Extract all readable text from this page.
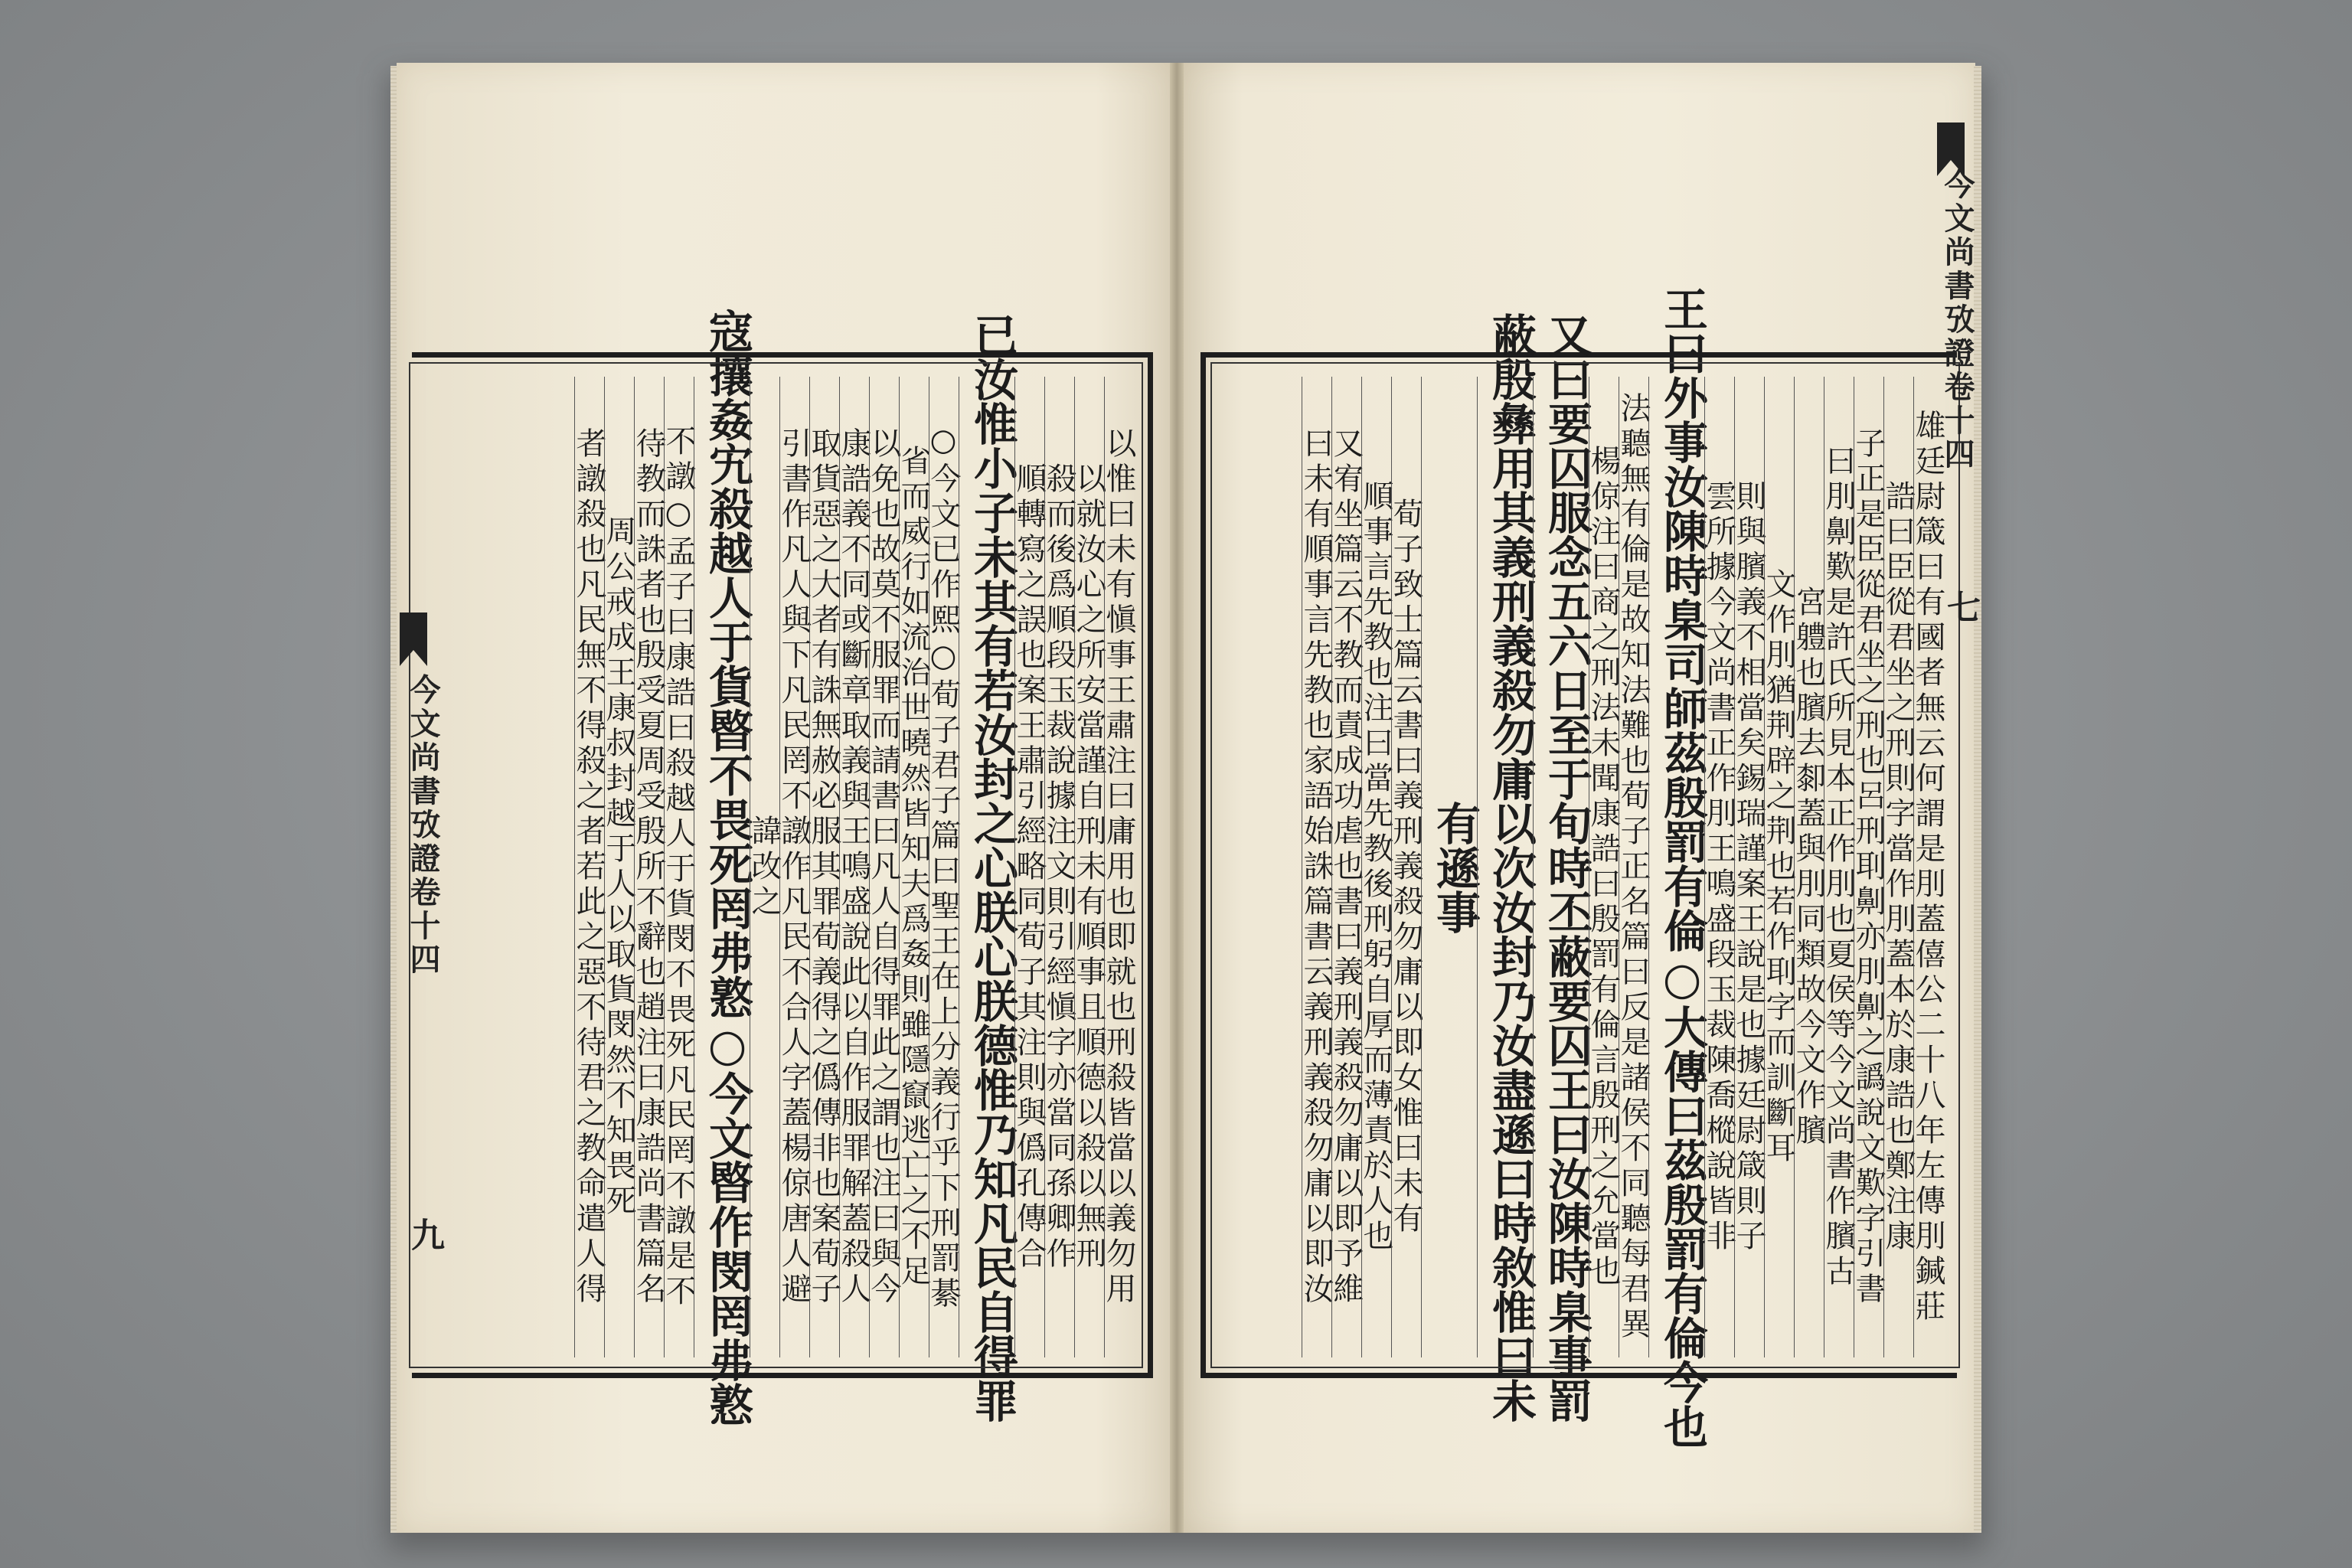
以惟曰未有愼事王肅注曰庸用也即就也刑殺皆當以義勿用
以就汝心之所安當謹自刑未有順事且順德以殺以無刑
殺而後爲順段玉裁說據注文則引經愼字亦當同孫卿作
順轉寫之誤也案王肅引經略同荀子其注則與僞孔傳合
已汝惟小子未其有若汝封之心朕心朕德惟乃知凡民自得罪
○今文已作熙○荀子君子篇曰聖王在上分義行乎下刑罰綦
省而威行如流治世曉然皆知夫爲姦則雖隱竄逃亡之不足
以免也故莫不服罪而請書曰凡人自得罪此之謂也注曰與今
康誥義不同或斷章取義與王鳴盛說此以自作服罪解蓋殺人
取貨惡之大者有誅無赦必服其罪荀義得之僞傳非也案荀子
引書作凡人與下凡民罔不譈作凡民不合人字蓋楊倞唐人避
諱改之
寇攘姦宄殺越人于貨暋不畏死罔弗憝○今文暋作閔罔弗憝
不譈○孟子曰康誥曰殺越人于貨閔不畏死凡民罔不譈是不
待教而誅者也殷受夏周受殷所不辭也趙注曰康誥尚書篇名
周公戒成王康叔封越于人以取貨閔然不知畏死
者譈殺也凡民無不得殺之者若此之惡不待君之教命遣人得	雄廷尉箴曰有國者無云何謂是刖蓋僖公二十八年左傳刖鍼莊
誥曰臣從君坐之刑則字當作刖蓋本於康誥也鄭注康
子正是臣從君坐之刑也呂刑刵劓亦刖劓之譌說文歎字引書
曰刖劓歎是許氏所見本正作刖也夏侯等今文尚書作臏古
宮軆也臏去厀蓋與刖同類故今文作臏
文作刖猶荆辟之荆也若作刵字而訓斷耳
則與臏義不相當矣錫瑞謹案王說是也據廷尉箴則子
雲所據今文尚書正作刖王鳴盛段玉裁陳喬樅說皆非
王曰外事汝陳時臬司師茲殷罰有倫○大傳曰茲殷罰有倫今也
法聽無有倫是故知法難也荀子正名篇曰反是諸侯不同聽每君異
楊倞注曰商之刑法未聞康誥曰殷罰有倫言殷刑之允當也
又曰要囚服念五六日至于旬時丕蔽要囚王曰汝陳時臬事罰
蔽殷彝用其義刑義殺勿庸以次汝封乃汝盡遜曰時敘惟曰未
有遜事
荀子致士篇云書曰義刑義殺勿庸以即女惟曰未有
順事言先教也注曰當先教後刑躬自厚而薄責於人也
又宥坐篇云不教而責成功虐也書曰義刑義殺勿庸以即予維
曰未有順事言先教也家語始誅篇書云義刑義殺勿庸以即汝
今文尚書攷證卷十四
九
今文尚書攷證卷十四
七
